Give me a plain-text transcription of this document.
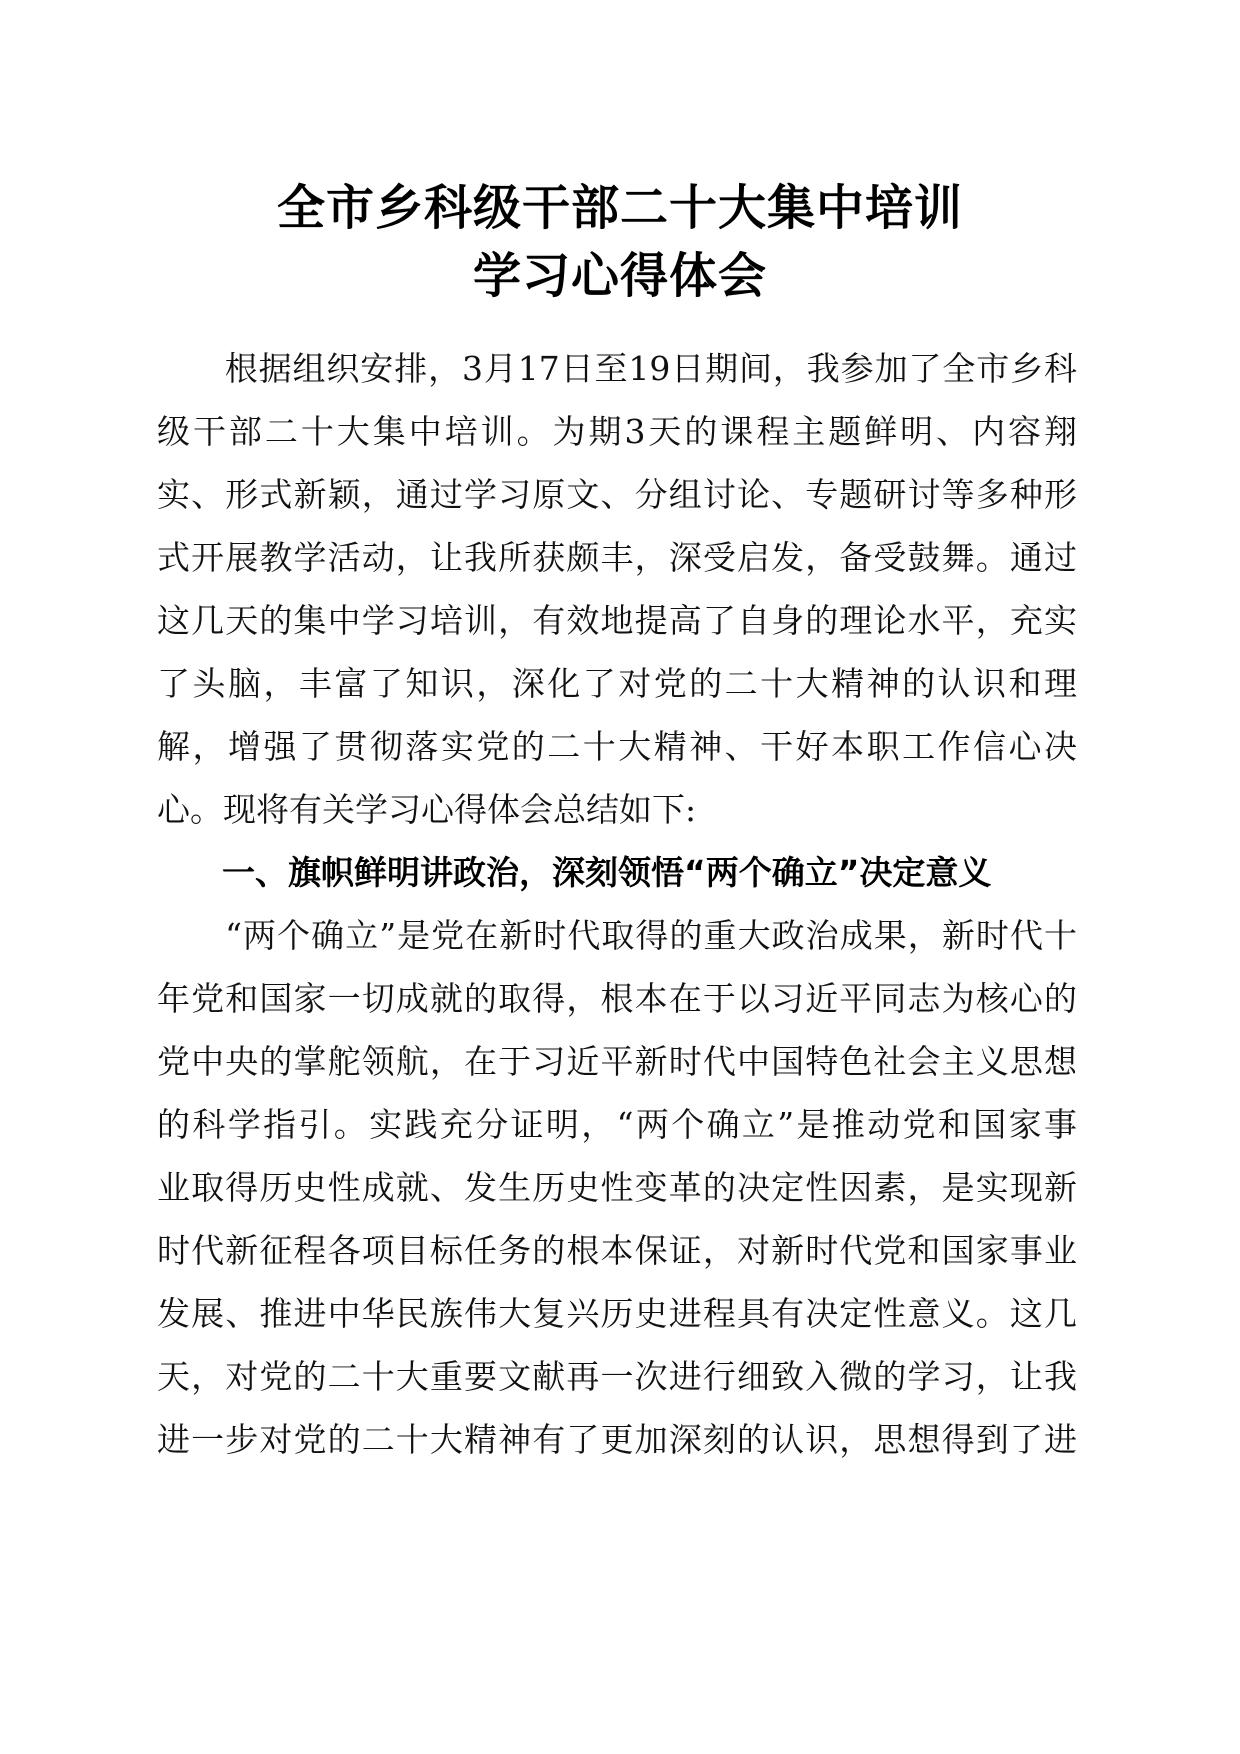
全市乡科级干部二十大集中培训
学习心得体会
　　根据组织安排，3月17日至19日期间，我参加了全市乡科
级干部二十大集中培训。为期3天的课程主题鲜明、内容翔
实、形式新颖，通过学习原文、分组讨论、专题研讨等多种形
式开展教学活动，让我所获颇丰，深受启发，备受鼓舞。通过
这几天的集中学习培训，有效地提高了自身的理论水平，充实
了头脑，丰富了知识，深化了对党的二十大精神的认识和理
解，增强了贯彻落实党的二十大精神、干好本职工作信心决
心。现将有关学习心得体会总结如下:
一、旗帜鲜明讲政治，深刻领悟“两个确立”决定意义
　　“两个确立”是党在新时代取得的重大政治成果，新时代十
年党和国家一切成就的取得，根本在于以习近平同志为核心的
党中央的掌舵领航，在于习近平新时代中国特色社会主义思想
的科学指引。实践充分证明，“两个确立”是推动党和国家事
业取得历史性成就、发生历史性变革的决定性因素，是实现新
时代新征程各项目标任务的根本保证，对新时代党和国家事业
发展、推进中华民族伟大复兴历史进程具有决定性意义。这几
天，对党的二十大重要文献再一次进行细致入微的学习，让我
进一步对党的二十大精神有了更加深刻的认识，思想得到了进
